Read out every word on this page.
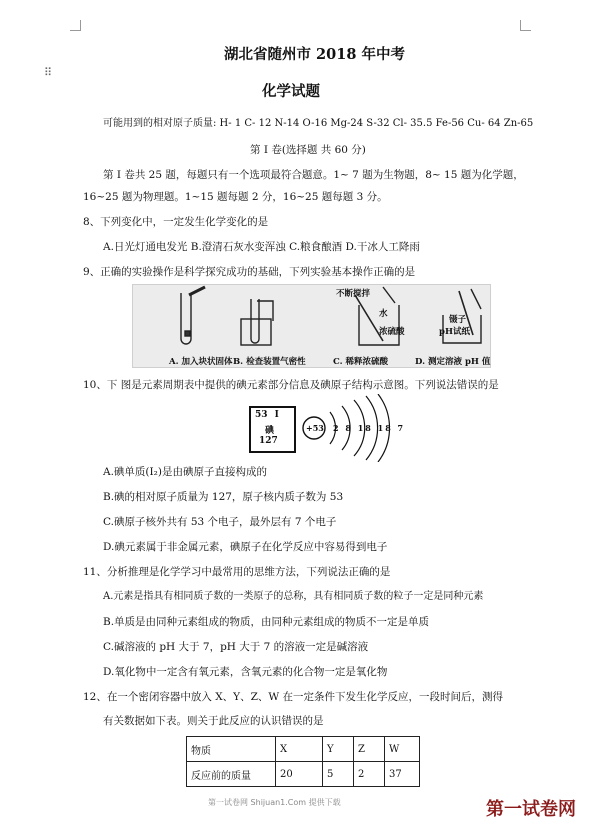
⠿
湖北省随州市 2018 年中考
化学试题
可能用到的相对原子质量: H- 1 C- 12 N-14 O-16 Mg-24 S-32 Cl- 35.5 Fe-56 Cu- 64 Zn-65
第 I 卷(选择题 共 60 分)
第 I 卷共 25 题，每题只有一个选项最符合题意。1~ 7 题为生物题，8~ 15 题为化学题，
16~25 题为物理题。1~15 题每题 2 分，16~25 题每题 3 分。
8、下列变化中，一定发生化学变化的是
A.日光灯通电发光 B.澄清石灰水变浑浊 C.粮食酿酒 D.干冰人工降雨
9、正确的实验操作是科学探究成功的基础，下列实验基本操作正确的是
A. 加入块状固体 B. 检查装置气密性	C. 稀释浓硫酸	D. 测定溶液 pH 值
不断搅拌
水
浓硫酸
镊子
pH试纸
10、下 图是元素周期表中提供的碘元素部分信息及碘原子结构示意图。下列说法错误的是
53 I
碘
127
+53 2 8 18 18 7
A.碘单质(I₂)是由碘原子直接构成的
B.碘的相对原子质量为 127，原子核内质子数为 53
C.碘原子核外共有 53 个电子，最外层有 7 个电子
D.碘元素属于非金属元素，碘原子在化学反应中容易得到电子
11、分析推理是化学学习中最常用的思维方法，下列说法正确的是
A.元素是指具有相同质子数的一类原子的总称，具有相同质子数的粒子一定是同种元素
B.单质是由同种元素组成的物质，由同种元素组成的物质不一定是单质
C.碱溶液的 pH 大于 7，pH 大于 7 的溶液一定是碱溶液
D.氧化物中一定含有氧元素，含氧元素的化合物一定是氧化物
12、在一个密闭容器中放入 X、Y、Z、W 在一定条件下发生化学反应，一段时间后，测得
有关数据如下表。则关于此反应的认识错误的是
物质	X	Y	Z	W
反应前的质量	20	5	2	37
第一试卷网 Shijuan1.Com 提供下载	第一试卷网
